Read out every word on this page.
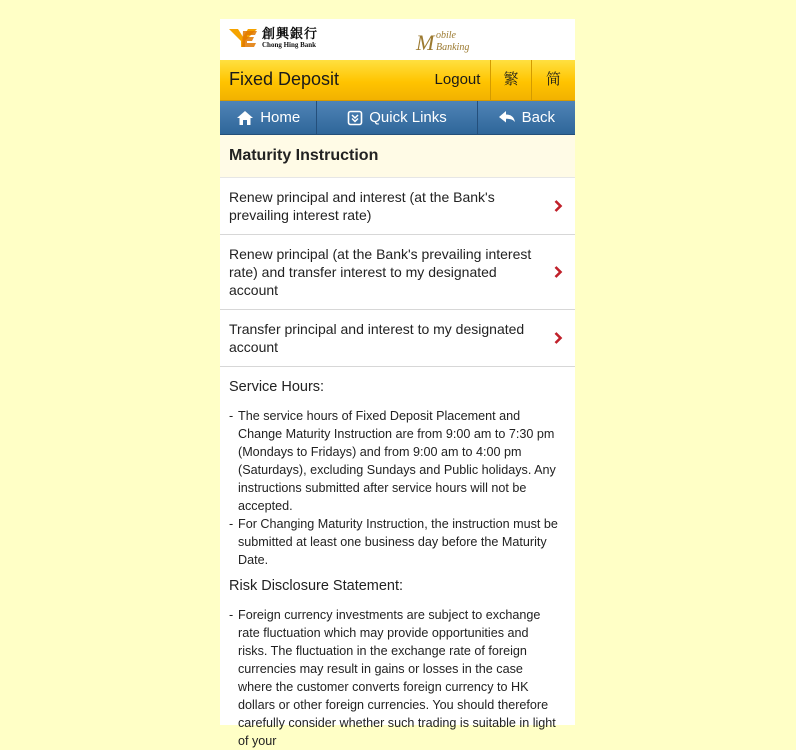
創興銀行
Chong Hing Bank	M obile
Banking
Fixed Deposit	Logout	繁	简
Home	Quick Links	Back
Maturity Instruction
Renew principal and interest (at the Bank's prevailing interest rate)
Renew principal (at the Bank's prevailing interest rate) and transfer interest to my designated account
Transfer principal and interest to my designated account
Service Hours:
- The service hours of Fixed Deposit Placement and Change Maturity Instruction are from 9:00 am to 7:30 pm (Mondays to Fridays) and from 9:00 am to 4:00 pm (Saturdays), excluding Sundays and Public holidays. Any instructions submitted after service hours will not be accepted.
- For Changing Maturity Instruction, the instruction must be submitted at least one business day before the Maturity Date.
Risk Disclosure Statement:
- Foreign currency investments are subject to exchange rate fluctuation which may provide opportunities and risks. The fluctuation in the exchange rate of foreign currencies may result in gains or losses in the case where the customer converts foreign currency to HK dollars or other foreign currencies. You should therefore carefully consider whether such trading is suitable in light of your
